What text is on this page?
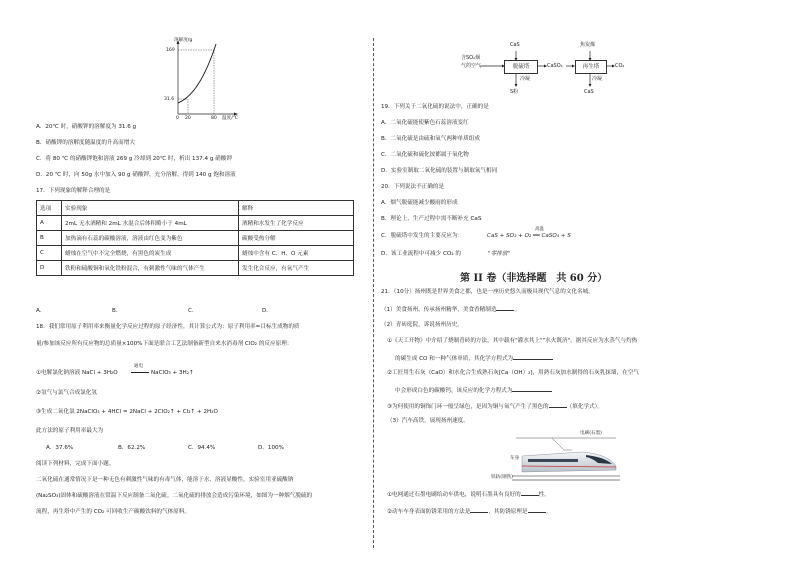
溶解度/g
169
31.6
0 20	80 温度/℃
A．20℃ 时，硝酸钾的溶解度为 31.6 g
B．硝酸钾的溶解度随温度的升高而增大
C．将 80 ℃ 的硝酸钾饱和溶液 269 g 冷却到 20℃ 时，析出 137.4 g 硝酸钾
D．20 ℃ 时，向 50g 水中加入 90 g 硝酸钾，充分溶解，得到 140 g 饱和溶液
17．下列现象的解释合理的是
选项	实验现象	解释
A	2mL 无水酒精和 2mL 水混合后体积略小于 4mL	酒精和水发生了化学反应
B	加热滴有石蕊的碳酸溶液，溶液由红色变为紫色	碳酸受热分解
C	蜡烛在空气中不完全燃烧，有黑色的炭生成	蜡烛中含有 C、H、O 元素
D	铁粉和硫酸铜和氧化铁粉混合，有刺激性气味的气体产生	发生化合反应，有氧气产生
A．	B．	C．	D．
18．我们常用原子利用率来衡量化学反应过程的原子经济性，其计算公式为：原子利用率=目标生成物的质
量/参加该反应所有反应物的总质量×100%下面是联合工艺法制备新型自来水消毒剂 ClO₂ 的反应原理：
①电解氯化钠溶液 NaCl + 3H₂O
通电
NaClO₃ + 3H₂↑
②氢气与氯气合成氯化氢
③生成二氧化氯 2NaClO₃ + 4HCl = 2NaCl + 2ClO₂↑ + Cl₂↑ + 2H₂O
此方法的原子利用率最大为
A．37.6%	B．62.2%	C．94.4%	D．100%
阅读下列材料，完成下面小题。
二氧化硫在通常情况下是一种无色有刺激性气味的有毒气体，能溶于水，溶液显酸性，实验室用亚硫酸钠
(Na₂SO₃)固体和硫酸溶液在常温下反应制备二氧化硫。二氧化硫的排放会造成污染环境，如图为一种烟气脱硫的
流程，再生塔中产生的 CO₂ 可回收生产碳酸饮料的气体原料。
含SO₂烟
气的空气
CaS
脱硫塔	CaSO₄	再生塔	CO₂
焦炭煤
冷凝	冷凝
S粉	CaS
19．下列关于二氧化硫的说法中，正确的是
A．二氧化硫能使紫色石蕊溶液变红
B．二氧化硫是由硫和氧气两种单质组成
C．二氧化硫和硫化铵都属于氧化物
D．实验室制取二氧化硫的装置与制取氧气相同
20．下列说法不正确的是
A．烟气脱硫能减少酸雨的形成
B．理论上，生产过程中需不断补充 CaS
C．脱硫塔中发生的主要反应为：
高温
CaS + SO₂ + O₂ ══ CaSO₄ + S
D．该工业流程中可减少 CO₂ 的	"零排放"
第 II 卷（非选择题　共 60 分）
21．（10分）扬州既是世界美食之都，也是一座历史悠久而极具现代气息的文化名城。
（1）美食扬州，传承扬州精华，美食香精制造	。
（2）青砖庭院，诉说扬州历史。
①《天工开物》中介绍了烧制青砖的方法，其中载有"灌水其上""水火既济"，据其反应为水蒸气与灼热
的碳生成 CO 和一种气体单质，其化学方程式为
②工匠用生石灰（CaO）和水化合生成熟石灰[Ca（OH）₂]，用熟石灰加水制得的石灰乳抹墙，在空气
中会形成白色的碳酸钙，该反应的化学方程式为
③为何使用的铜饰门环一般呈绿色，是因为铜与氧气产生了黑色的	（填化学式）。
（3）汽车高铁，展现扬州速度。
电刷(石墨)
车身
铁轨(钢铁)
①电网通过石墨电刷给动车供电，说明石墨具有良好的	性。
②动车车身表面防锈采用的方法是	，其防锈原理是	。
